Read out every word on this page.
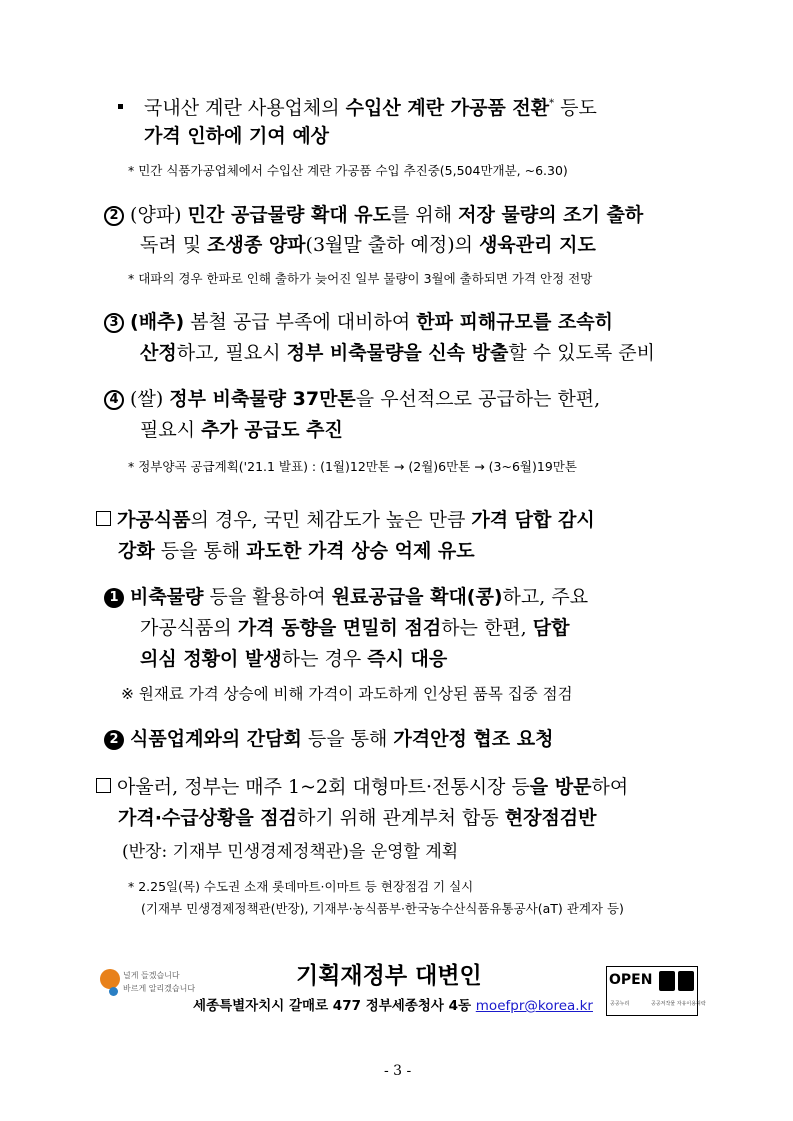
국내산 계란 사용업체의 수입산 계란 가공품 전환* 등도
가격 인하에 기여 예상
* 민간 식품가공업체에서 수입산 계란 가공품 수입 추진중(5,504만개분, ~6.30)
2 (양파) 민간 공급물량 확대 유도를 위해 저장 물량의 조기 출하
독려 및 조생종 양파(3월말 출하 예정)의 생육관리 지도
* 대파의 경우 한파로 인해 출하가 늦어진 일부 물량이 3월에 출하되면 가격 안정 전망
3 (배추) 봄철 공급 부족에 대비하여 한파 피해규모를 조속히
산정하고, 필요시 정부 비축물량을 신속 방출할 수 있도록 준비
4 (쌀) 정부 비축물량 37만톤을 우선적으로 공급하는 한편,
필요시 추가 공급도 추진
* 정부양곡 공급계획('21.1 발표) : (1월)12만톤 → (2월)6만톤 → (3~6월)19만톤
가공식품의 경우, 국민 체감도가 높은 만큼 가격 담합 감시
강화 등을 통해 과도한 가격 상승 억제 유도
1 비축물량 등을 활용하여 원료공급을 확대(콩)하고, 주요
가공식품의 가격 동향을 면밀히 점검하는 한편, 담합
의심 정황이 발생하는 경우 즉시 대응
※ 원재료 가격 상승에 비해 가격이 과도하게 인상된 품목 집중 점검
2 식품업계와의 간담회 등을 통해 가격안정 협조 요청
아울러, 정부는 매주 1~2회 대형마트·전통시장 등을 방문하여
가격·수급상황을 점검하기 위해 관계부처 합동 현장점검반
(반장: 기재부 민생경제정책관)을 운영할 계획
* 2.25일(목) 수도권 소재 롯데마트·이마트 등 현장점검 기 실시
(기재부 민생경제정책관(반장), 기재부·농식품부·한국농수산식품유통공사(aT) 관계자 등)
널게 들겠습니다
바르게 알리겠습니다	기획재정부 대변인
세종특별자치시 갈매로 477 정부세종청사 4동 moefpr@korea.kr
OPEN
공공누리	공공저작물 자유이용허락
- 3 -
